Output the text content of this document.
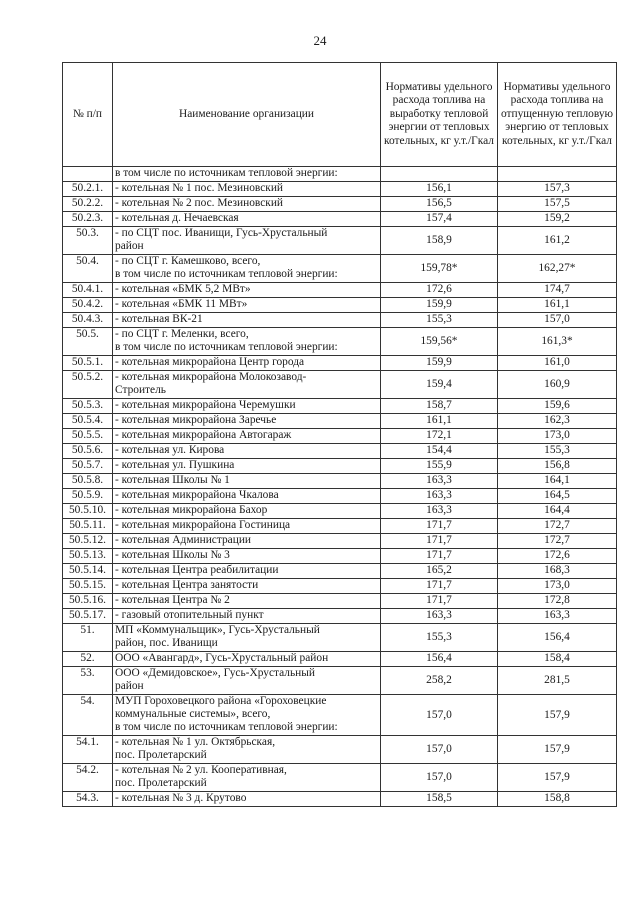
24
№ п/п	Наименование организации	Нормативы удельного расхода топлива на выработку тепловой энергии от тепловых котельных, кг у.т./Гкал	Нормативы удельного расхода топлива на отпущенную тепловую энергию от тепловых котельных, кг у.т./Гкал
	в том числе по источникам тепловой энергии:		
50.2.1.	- котельная № 1 пос. Мезиновский	156,1	157,3
50.2.2.	- котельная № 2 пос. Мезиновский	156,5	157,5
50.2.3.	- котельная д. Нечаевская	157,4	159,2
50.3.	- по СЦТ пос. Иванищи, Гусь-Хрустальный
район	158,9	161,2
50.4.	- по СЦТ г. Камешково, всего,
в том числе по источникам тепловой энергии:	159,78*	162,27*
50.4.1.	- котельная «БМК 5,2 МВт»	172,6	174,7
50.4.2.	- котельная «БМК 11 МВт»	159,9	161,1
50.4.3.	- котельная ВК-21	155,3	157,0
50.5.	- по СЦТ г. Меленки, всего,
в том числе по источникам тепловой энергии:	159,56*	161,3*
50.5.1.	- котельная микрорайона Центр города	159,9	161,0
50.5.2.	- котельная микрорайона Молокозавод-
Строитель	159,4	160,9
50.5.3.	- котельная микрорайона Черемушки	158,7	159,6
50.5.4.	- котельная микрорайона Заречье	161,1	162,3
50.5.5.	- котельная микрорайона Автогараж	172,1	173,0
50.5.6.	- котельная ул. Кирова	154,4	155,3
50.5.7.	- котельная ул. Пушкина	155,9	156,8
50.5.8.	- котельная Школы № 1	163,3	164,1
50.5.9.	- котельная микрорайона Чкалова	163,3	164,5
50.5.10.	- котельная микрорайона Бахор	163,3	164,4
50.5.11.	- котельная микрорайона Гостиница	171,7	172,7
50.5.12.	- котельная Администрации	171,7	172,7
50.5.13.	- котельная Школы № 3	171,7	172,6
50.5.14.	- котельная Центра реабилитации	165,2	168,3
50.5.15.	- котельная Центра занятости	171,7	173,0
50.5.16.	- котельная Центра № 2	171,7	172,8
50.5.17.	- газовый отопительный пункт	163,3	163,3
51.	МП «Коммунальщик», Гусь-Хрустальный
район, пос. Иванищи	155,3	156,4
52.	ООО «Авангард», Гусь-Хрустальный район	156,4	158,4
53.	ООО «Демидовское», Гусь-Хрустальный
район	258,2	281,5
54.	МУП Гороховецкого района «Гороховецкие
коммунальные системы», всего,
в том числе по источникам тепловой энергии:	157,0	157,9
54.1.	- котельная № 1 ул. Октябрьская,
пос. Пролетарский	157,0	157,9
54.2.	- котельная № 2 ул. Кооперативная,
пос. Пролетарский	157,0	157,9
54.3.	- котельная № 3 д. Крутово	158,5	158,8
